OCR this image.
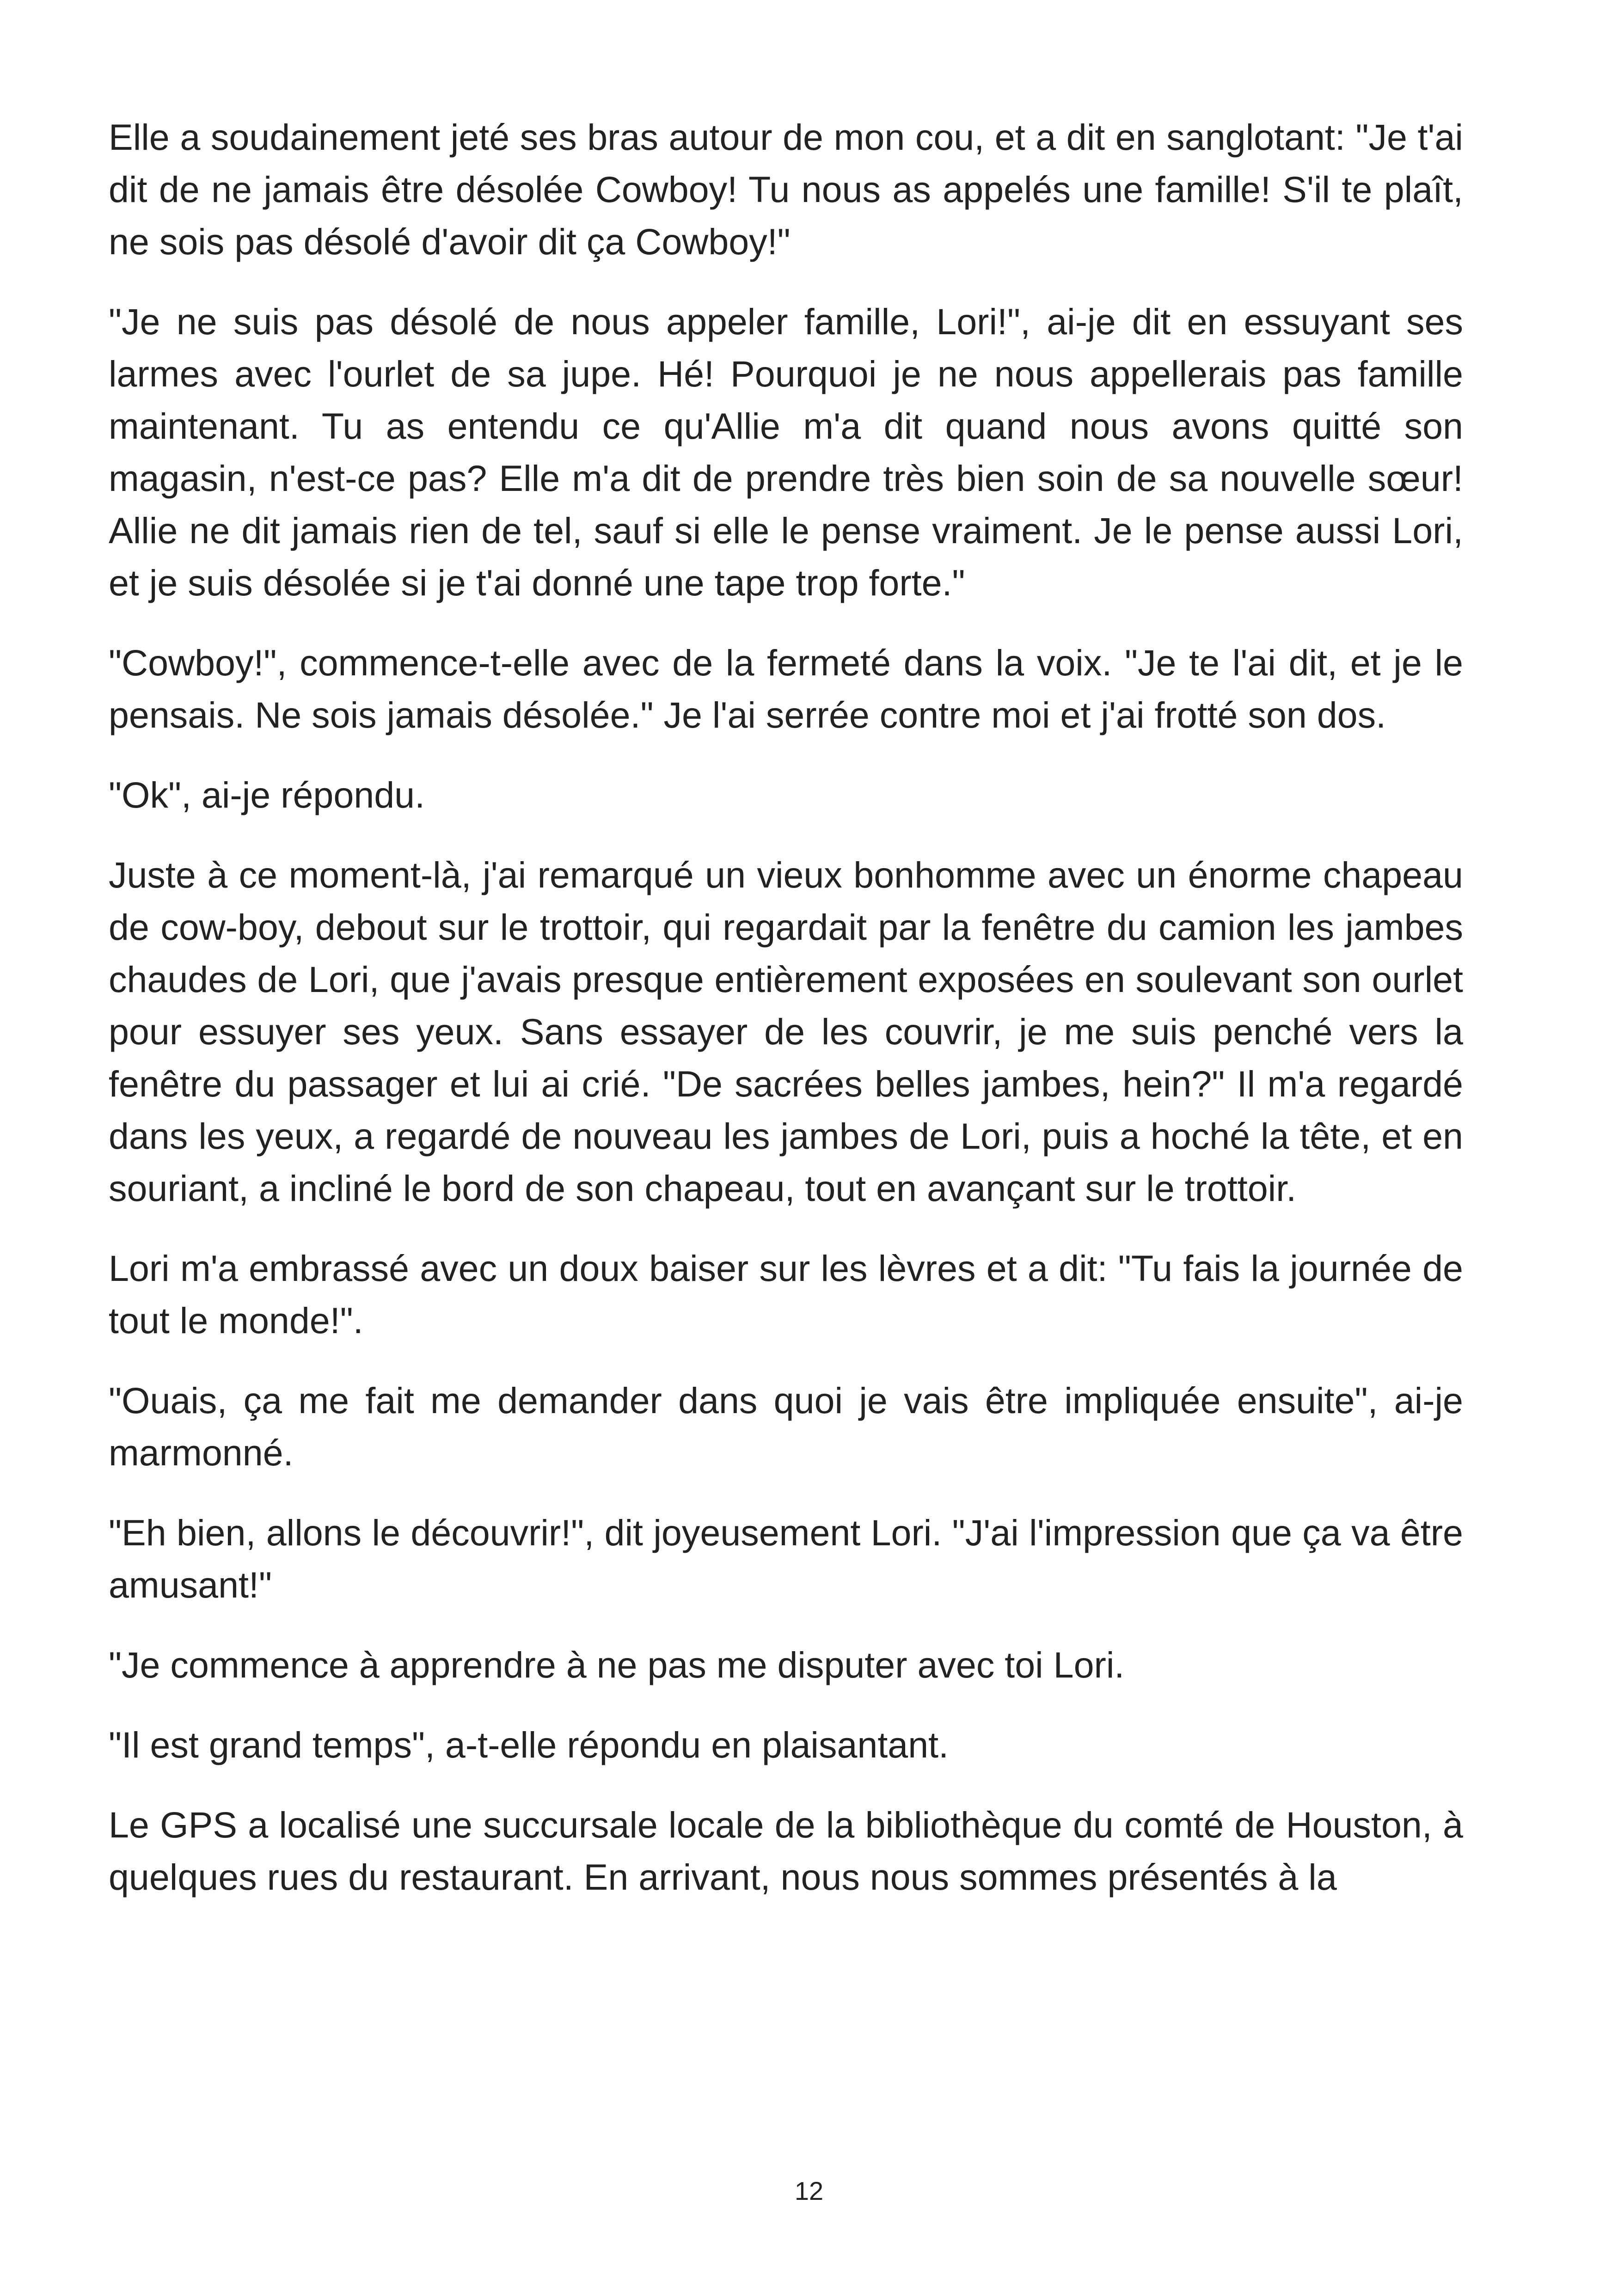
Elle a soudainement jeté ses bras autour de mon cou, et a dit en sanglotant: "Je t'ai dit de ne jamais être désolée Cowboy! Tu nous as appelés une famille! S'il te plaît, ne sois pas désolé d'avoir dit ça Cowboy!"

"Je ne suis pas désolé de nous appeler famille, Lori!", ai-je dit en essuyant ses larmes avec l'ourlet de sa jupe. Hé! Pourquoi je ne nous appellerais pas famille maintenant. Tu as entendu ce qu'Allie m'a dit quand nous avons quitté son magasin, n'est-ce pas? Elle m'a dit de prendre très bien soin de sa nouvelle sœur! Allie ne dit jamais rien de tel, sauf si elle le pense vraiment. Je le pense aussi Lori, et je suis désolée si je t'ai donné une tape trop forte."

"Cowboy!", commence-t-elle avec de la fermeté dans la voix. "Je te l'ai dit, et je le pensais. Ne sois jamais désolée." Je l'ai serrée contre moi et j'ai frotté son dos.

"Ok", ai-je répondu.

Juste à ce moment-là, j'ai remarqué un vieux bonhomme avec un énorme chapeau de cow-boy, debout sur le trottoir, qui regardait par la fenêtre du camion les jambes chaudes de Lori, que j'avais presque entièrement exposées en soulevant son ourlet pour essuyer ses yeux. Sans essayer de les couvrir, je me suis penché vers la fenêtre du passager et lui ai crié. "De sacrées belles jambes, hein?" Il m'a regardé dans les yeux, a regardé de nouveau les jambes de Lori, puis a hoché la tête, et en souriant, a incliné le bord de son chapeau, tout en avançant sur le trottoir.

Lori m'a embrassé avec un doux baiser sur les lèvres et a dit: "Tu fais la journée de tout le monde!".

"Ouais, ça me fait me demander dans quoi je vais être impliquée ensuite", ai-je marmonné.

"Eh bien, allons le découvrir!", dit joyeusement Lori. "J'ai l'impression que ça va être amusant!"

"Je commence à apprendre à ne pas me disputer avec toi Lori.

"Il est grand temps", a-t-elle répondu en plaisantant.

Le GPS a localisé une succursale locale de la bibliothèque du comté de Houston, à quelques rues du restaurant. En arrivant, nous nous sommes présentés à la

12
